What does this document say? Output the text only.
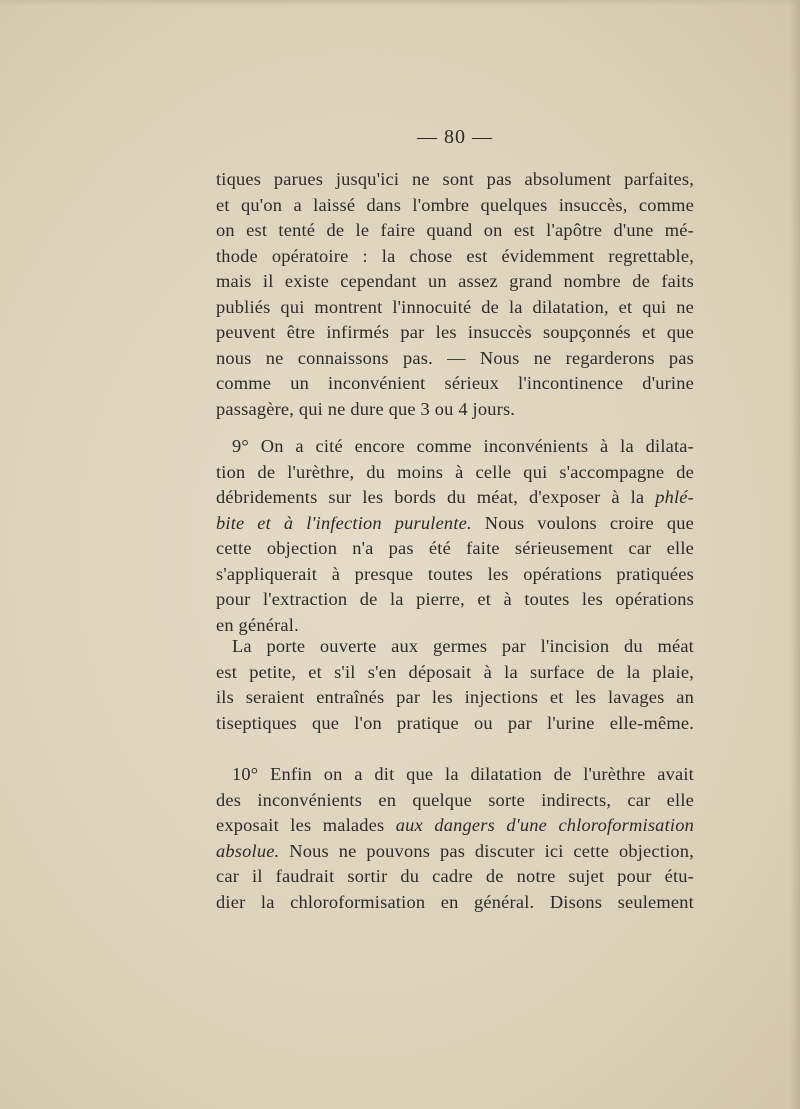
— 80 —
tiques parues jusqu'ici ne sont pas absolument parfaites,
et qu'on a laissé dans l'ombre quelques insuccès, comme
on est tenté de le faire quand on est l'apôtre d'une mé-
thode opératoire : la chose est évidemment regrettable,
mais il existe cependant un assez grand nombre de faits
publiés qui montrent l'innocuité de la dilatation, et qui ne
peuvent être infirmés par les insuccès soupçonnés et que
nous ne connaissons pas. — Nous ne regarderons pas
comme un inconvénient sérieux l'incontinence d'urine
passagère, qui ne dure que 3 ou 4 jours.
9° On a cité encore comme inconvénients à la dilata-
tion de l'urèthre, du moins à celle qui s'accompagne de
débridements sur les bords du méat, d'exposer à la phlé-
bite et à l'infection purulente. Nous voulons croire que
cette objection n'a pas été faite sérieusement car elle
s'appliquerait à presque toutes les opérations pratiquées
pour l'extraction de la pierre, et à toutes les opérations
en général.
La porte ouverte aux germes par l'incision du méat
est petite, et s'il s'en déposait à la surface de la plaie,
ils seraient entraînés par les injections et les lavages an
tiseptiques que l'on pratique ou par l'urine elle-même.
10° Enfin on a dit que la dilatation de l'urèthre avait
des inconvénients en quelque sorte indirects, car elle
exposait les malades aux dangers d'une chloroformisation
absolue. Nous ne pouvons pas discuter ici cette objection,
car il faudrait sortir du cadre de notre sujet pour étu-
dier la chloroformisation en général. Disons seulement
